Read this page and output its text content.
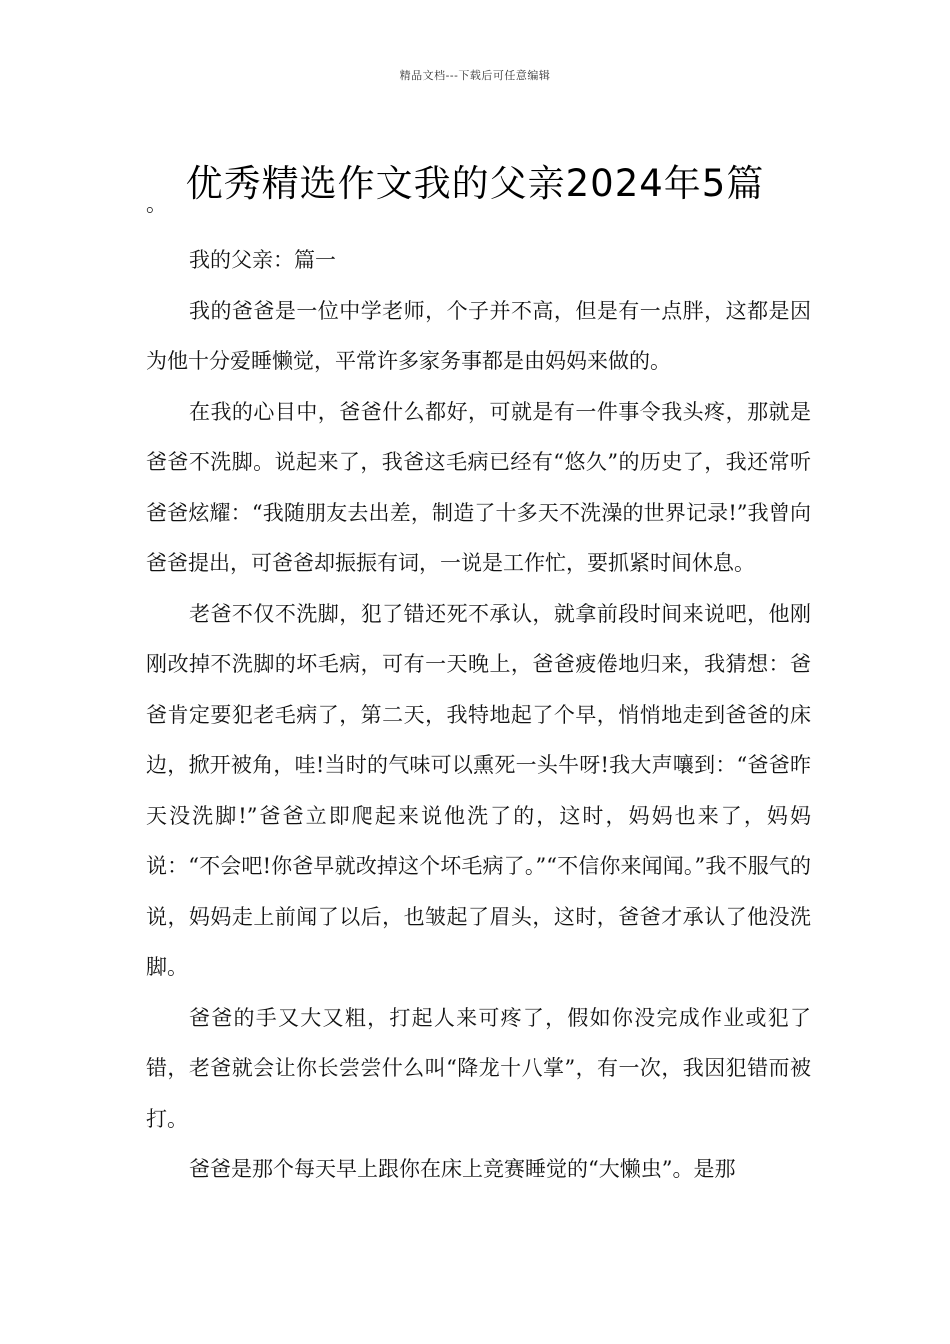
精品文档---下载后可任意编辑
优秀精选作文我的父亲2024年5篇

。

我的父亲：篇一

我的爸爸是一位中学老师，个子并不高，但是有一点胖，这都是因为他十分爱睡懒觉，平常许多家务事都是由妈妈来做的。

在我的心目中，爸爸什么都好，可就是有一件事令我头疼，那就是爸爸不洗脚。说起来了，我爸这毛病已经有“悠久”的历史了，我还常听爸爸炫耀：“我随朋友去出差，制造了十多天不洗澡的世界记录!”我曾向爸爸提出，可爸爸却振振有词，一说是工作忙，要抓紧时间休息。

老爸不仅不洗脚，犯了错还死不承认，就拿前段时间来说吧，他刚刚改掉不洗脚的坏毛病，可有一天晚上，爸爸疲倦地归来，我猜想：爸爸肯定要犯老毛病了，第二天，我特地起了个早，悄悄地走到爸爸的床边，掀开被角，哇!当时的气味可以熏死一头牛呀!我大声嚷到：“爸爸昨天没洗脚!”爸爸立即爬起来说他洗了的，这时，妈妈也来了，妈妈说：“不会吧!你爸早就改掉这个坏毛病了。”“不信你来闻闻。”我不服气的说，妈妈走上前闻了以后，也皱起了眉头，这时，爸爸才承认了他没洗脚。

爸爸的手又大又粗，打起人来可疼了，假如你没完成作业或犯了错，老爸就会让你长尝尝什么叫“降龙十八掌”，有一次，我因犯错而被打。

爸爸是那个每天早上跟你在床上竞赛睡觉的“大懒虫”。是那
